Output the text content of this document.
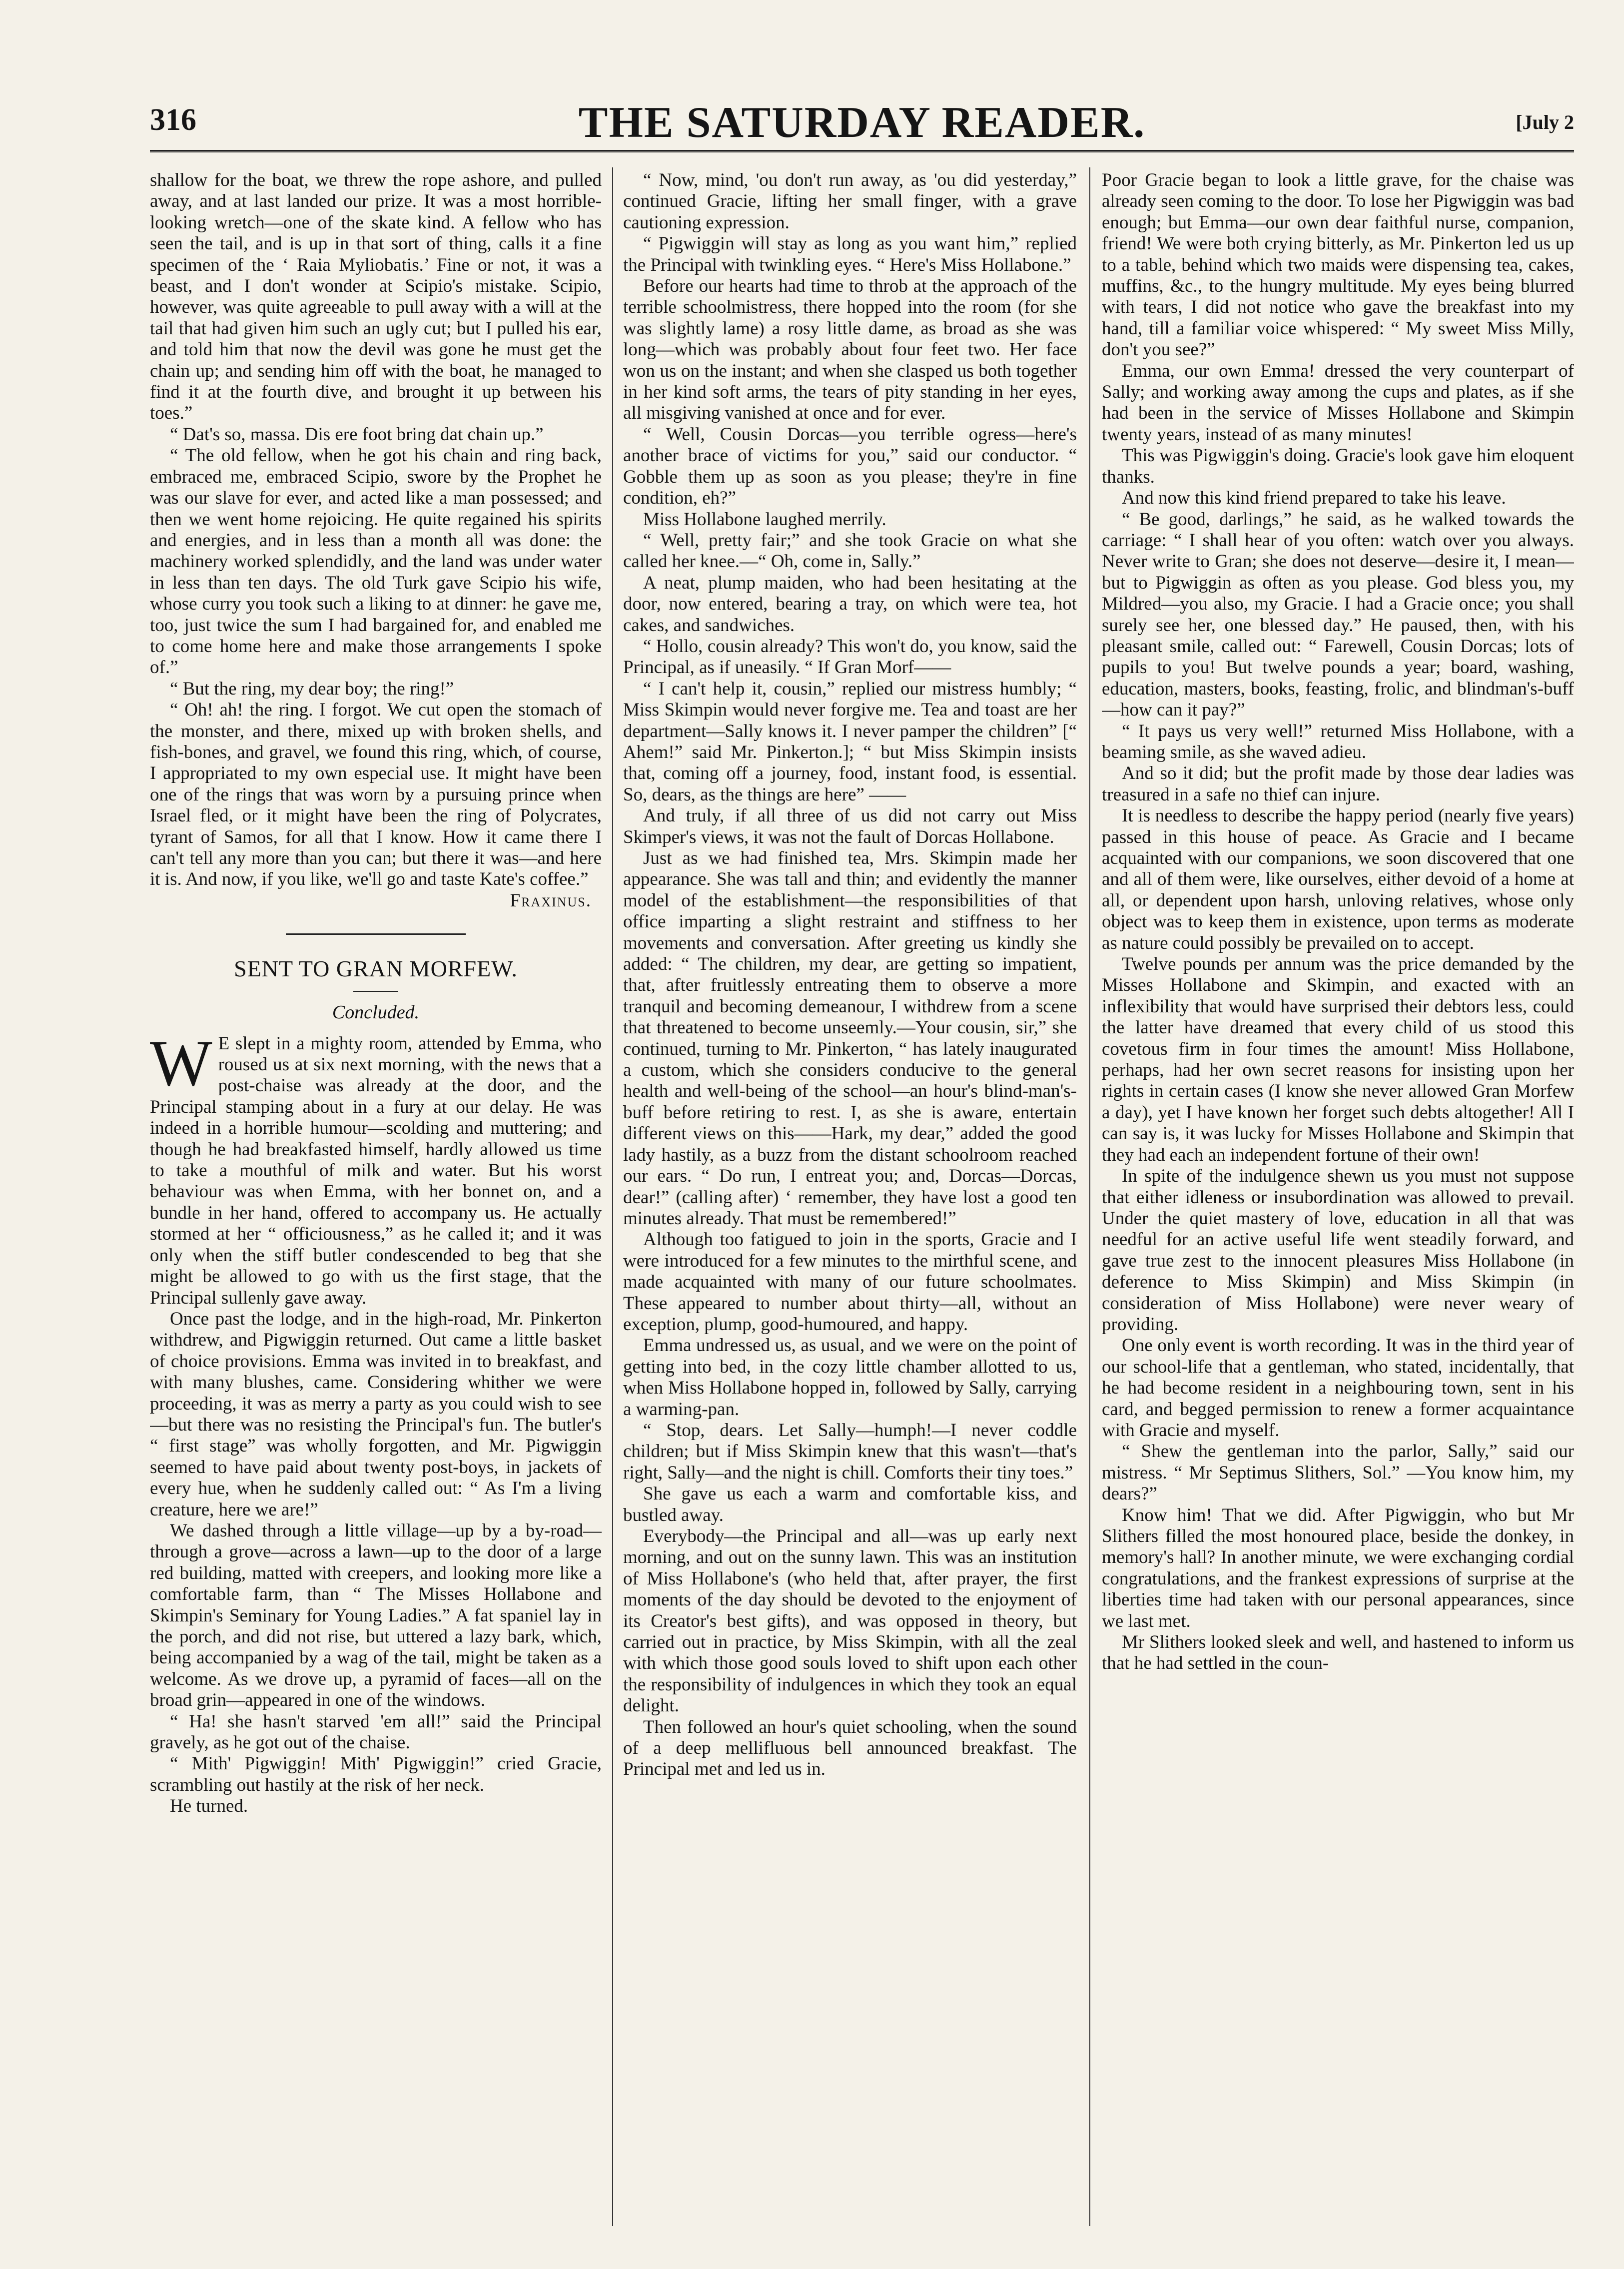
316	THE SATURDAY READER.	[July 2

shallow for the boat, we threw the rope ashore, and pulled away, and at last landed our prize. It was a most horrible-looking wretch—one of the skate kind. A fellow who has seen the tail, and is up in that sort of thing, calls it a fine specimen of the ‘ Raia Myliobatis.’ Fine or not, it was a beast, and I don't wonder at Scipio's mistake. Scipio, however, was quite agreeable to pull away with a will at the tail that had given him such an ugly cut; but I pulled his ear, and told him that now the devil was gone he must get the chain up; and sending him off with the boat, he managed to find it at the fourth dive, and brought it up between his toes.”

“ Dat's so, massa. Dis ere foot bring dat chain up.”

“ The old fellow, when he got his chain and ring back, embraced me, embraced Scipio, swore by the Prophet he was our slave for ever, and acted like a man possessed; and then we went home rejoicing. He quite regained his spirits and energies, and in less than a month all was done: the machinery worked splendidly, and the land was under water in less than ten days. The old Turk gave Scipio his wife, whose curry you took such a liking to at dinner: he gave me, too, just twice the sum I had bargained for, and enabled me to come home here and make those arrangements I spoke of.”

“ But the ring, my dear boy; the ring!”

“ Oh! ah! the ring. I forgot. We cut open the stomach of the monster, and there, mixed up with broken shells, and fish-bones, and gravel, we found this ring, which, of course, I appropriated to my own especial use. It might have been one of the rings that was worn by a pursuing prince when Israel fled, or it might have been the ring of Polycrates, tyrant of Samos, for all that I know. How it came there I can't tell any more than you can; but there it was—and here it is. And now, if you like, we'll go and taste Kate's coffee.”

Fraxinus.

SENT TO GRAN MORFEW.
Concluded.

W E slept in a mighty room, attended by Emma, who roused us at six next morning, with the news that a post-chaise was already at the door, and the Principal stamping about in a fury at our delay. He was indeed in a horrible humour—scolding and muttering; and though he had breakfasted himself, hardly allowed us time to take a mouthful of milk and water. But his worst behaviour was when Emma, with her bonnet on, and a bundle in her hand, offered to accompany us. He actually stormed at her “ officiousness,” as he called it; and it was only when the stiff butler condescended to beg that she might be allowed to go with us the first stage, that the Principal sullenly gave away.

Once past the lodge, and in the high-road, Mr. Pinkerton withdrew, and Pigwiggin returned. Out came a little basket of choice provisions. Emma was invited in to breakfast, and with many blushes, came. Considering whither we were proceeding, it was as merry a party as you could wish to see—but there was no resisting the Principal's fun. The butler's “ first stage” was wholly forgotten, and Mr. Pigwiggin seemed to have paid about twenty post-boys, in jackets of every hue, when he suddenly called out: “ As I'm a living creature, here we are!”

We dashed through a little village—up by a by-road—through a grove—across a lawn—up to the door of a large red building, matted with creepers, and looking more like a comfortable farm, than “ The Misses Hollabone and Skimpin's Seminary for Young Ladies.” A fat spaniel lay in the porch, and did not rise, but uttered a lazy bark, which, being accompanied by a wag of the tail, might be taken as a welcome. As we drove up, a pyramid of faces—all on the broad grin—appeared in one of the windows.

“ Ha! she hasn't starved 'em all!” said the Principal gravely, as he got out of the chaise.

“ Mith' Pigwiggin! Mith' Pigwiggin!” cried Gracie, scrambling out hastily at the risk of her neck.

He turned.

“ Now, mind, 'ou don't run away, as 'ou did yesterday,” continued Gracie, lifting her small finger, with a grave cautioning expression.

“ Pigwiggin will stay as long as you want him,” replied the Principal with twinkling eyes. “ Here's Miss Hollabone.”

Before our hearts had time to throb at the approach of the terrible schoolmistress, there hopped into the room (for she was slightly lame) a rosy little dame, as broad as she was long—which was probably about four feet two. Her face won us on the instant; and when she clasped us both together in her kind soft arms, the tears of pity standing in her eyes, all misgiving vanished at once and for ever.

“ Well, Cousin Dorcas—you terrible ogress—here's another brace of victims for you,” said our conductor. “ Gobble them up as soon as you please; they're in fine condition, eh?”

Miss Hollabone laughed merrily.

“ Well, pretty fair;” and she took Gracie on what she called her knee.—“ Oh, come in, Sally.”

A neat, plump maiden, who had been hesitating at the door, now entered, bearing a tray, on which were tea, hot cakes, and sandwiches.

“ Hollo, cousin already? This won't do, you know, said the Principal, as if uneasily. “ If Gran Morf——

“ I can't help it, cousin,” replied our mistress humbly; “ Miss Skimpin would never forgive me. Tea and toast are her department—Sally knows it. I never pamper the children” [“ Ahem!” said Mr. Pinkerton.]; “ but Miss Skimpin insists that, coming off a journey, food, instant food, is essential. So, dears, as the things are here” ——

And truly, if all three of us did not carry out Miss Skimper's views, it was not the fault of Dorcas Hollabone.

Just as we had finished tea, Mrs. Skimpin made her appearance. She was tall and thin; and evidently the manner model of the establishment—the responsibilities of that office imparting a slight restraint and stiffness to her movements and conversation. After greeting us kindly she added: “ The children, my dear, are getting so impatient, that, after fruitlessly entreating them to observe a more tranquil and becoming demeanour, I withdrew from a scene that threatened to become unseemly.—Your cousin, sir,” she continued, turning to Mr. Pinkerton, “ has lately inaugurated a custom, which she considers conducive to the general health and well-being of the school—an hour's blind-man's-buff before retiring to rest. I, as she is aware, entertain different views on this——Hark, my dear,” added the good lady hastily, as a buzz from the distant schoolroom reached our ears. “ Do run, I entreat you; and, Dorcas—Dorcas, dear!” (calling after) ‘ remember, they have lost a good ten minutes already. That must be remembered!”

Although too fatigued to join in the sports, Gracie and I were introduced for a few minutes to the mirthful scene, and made acquainted with many of our future schoolmates. These appeared to number about thirty—all, without an exception, plump, good-humoured, and happy.

Emma undressed us, as usual, and we were on the point of getting into bed, in the cozy little chamber allotted to us, when Miss Hollabone hopped in, followed by Sally, carrying a warming-pan.

“ Stop, dears. Let Sally—humph!—I never coddle children; but if Miss Skimpin knew that this wasn't—that's right, Sally—and the night is chill. Comforts their tiny toes.”

She gave us each a warm and comfortable kiss, and bustled away.

Everybody—the Principal and all—was up early next morning, and out on the sunny lawn. This was an institution of Miss Hollabone's (who held that, after prayer, the first moments of the day should be devoted to the enjoyment of its Creator's best gifts), and was opposed in theory, but carried out in practice, by Miss Skimpin, with all the zeal with which those good souls loved to shift upon each other the responsibility of indulgences in which they took an equal delight.

Then followed an hour's quiet schooling, when the sound of a deep mellifluous bell announced breakfast. The Principal met and led us in.

Poor Gracie began to look a little grave, for the chaise was already seen coming to the door. To lose her Pigwiggin was bad enough; but Emma—our own dear faithful nurse, companion, friend! We were both crying bitterly, as Mr. Pinkerton led us up to a table, behind which two maids were dispensing tea, cakes, muffins, &c., to the hungry multitude. My eyes being blurred with tears, I did not notice who gave the breakfast into my hand, till a familiar voice whispered: “ My sweet Miss Milly, don't you see?”

Emma, our own Emma! dressed the very counterpart of Sally; and working away among the cups and plates, as if she had been in the service of Misses Hollabone and Skimpin twenty years, instead of as many minutes!

This was Pigwiggin's doing. Gracie's look gave him eloquent thanks.

And now this kind friend prepared to take his leave.

“ Be good, darlings,” he said, as he walked towards the carriage: “ I shall hear of you often: watch over you always. Never write to Gran; she does not deserve—desire it, I mean—but to Pigwiggin as often as you please. God bless you, my Mildred—you also, my Gracie. I had a Gracie once; you shall surely see her, one blessed day.” He paused, then, with his pleasant smile, called out: “ Farewell, Cousin Dorcas; lots of pupils to you! But twelve pounds a year; board, washing, education, masters, books, feasting, frolic, and blindman's-buff—how can it pay?”

“ It pays us very well!” returned Miss Hollabone, with a beaming smile, as she waved adieu.

And so it did; but the profit made by those dear ladies was treasured in a safe no thief can injure.

It is needless to describe the happy period (nearly five years) passed in this house of peace. As Gracie and I became acquainted with our companions, we soon discovered that one and all of them were, like ourselves, either devoid of a home at all, or dependent upon harsh, unloving relatives, whose only object was to keep them in existence, upon terms as moderate as nature could possibly be prevailed on to accept.

Twelve pounds per annum was the price demanded by the Misses Hollabone and Skimpin, and exacted with an inflexibility that would have surprised their debtors less, could the latter have dreamed that every child of us stood this covetous firm in four times the amount! Miss Hollabone, perhaps, had her own secret reasons for insisting upon her rights in certain cases (I know she never allowed Gran Morfew a day), yet I have known her forget such debts altogether! All I can say is, it was lucky for Misses Hollabone and Skimpin that they had each an independent fortune of their own!

In spite of the indulgence shewn us you must not suppose that either idleness or insubordination was allowed to prevail. Under the quiet mastery of love, education in all that was needful for an active useful life went steadily forward, and gave true zest to the innocent pleasures Miss Hollabone (in deference to Miss Skimpin) and Miss Skimpin (in consideration of Miss Hollabone) were never weary of providing.

One only event is worth recording. It was in the third year of our school-life that a gentleman, who stated, incidentally, that he had become resident in a neighbouring town, sent in his card, and begged permission to renew a former acquaintance with Gracie and myself.

“ Shew the gentleman into the parlor, Sally,” said our mistress. “ Mr Septimus Slithers, Sol.” —You know him, my dears?”

Know him! That we did. After Pigwiggin, who but Mr Slithers filled the most honoured place, beside the donkey, in memory's hall? In another minute, we were exchanging cordial congratulations, and the frankest expressions of surprise at the liberties time had taken with our personal appearances, since we last met.

Mr Slithers looked sleek and well, and hastened to inform us that he had settled in the coun-
